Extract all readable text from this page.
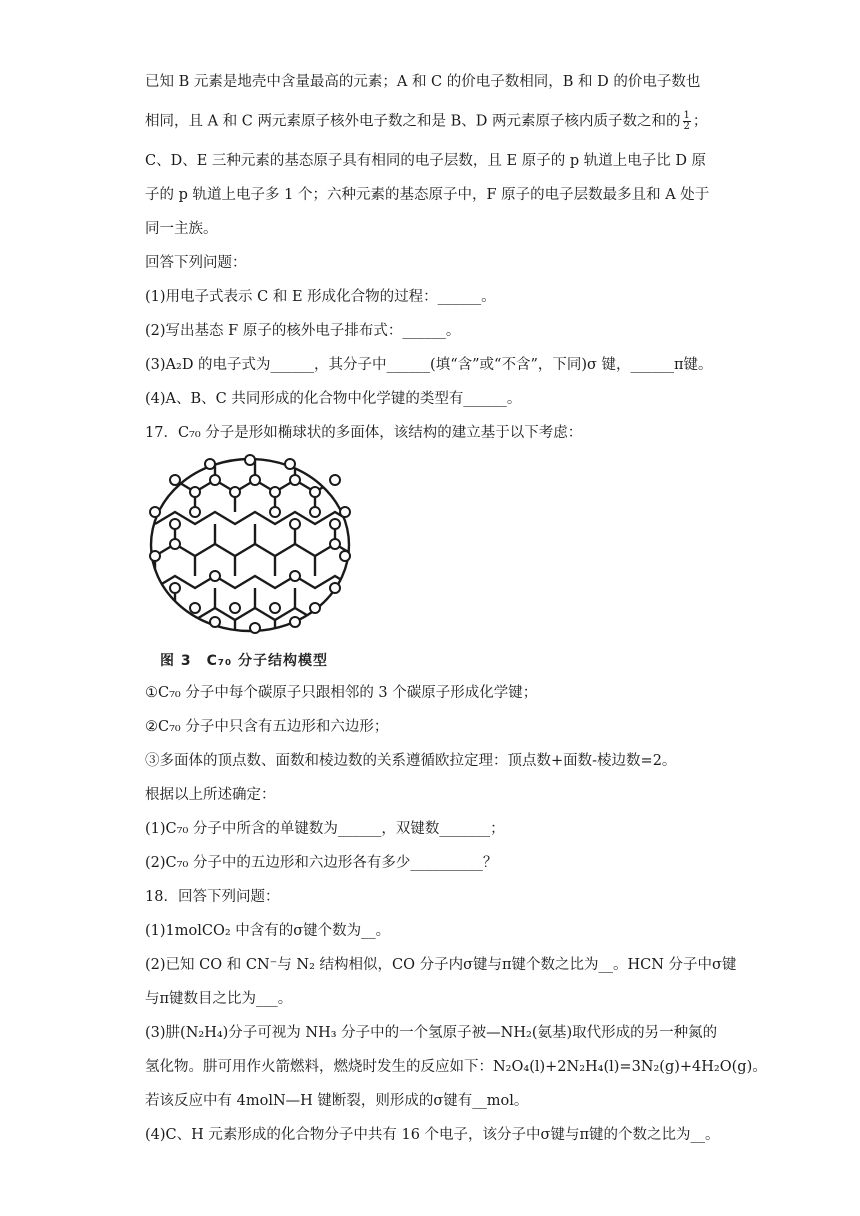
已知 B 元素是地壳中含量最高的元素；A 和 C 的价电子数相同，B 和 D 的价电子数也
相同，且 A 和 C 两元素原子核外电子数之和是 B、D 两元素原子核内质子数之和的 $\frac{1}{2}$ ；
C、D、E 三种元素的基态原子具有相同的电子层数，且 E 原子的 p 轨道上电子比 D 原
子的 p 轨道上电子多 1 个；六种元素的基态原子中，F 原子的电子层数最多且和 A 处于
同一主族。
回答下列问题：
(1)用电子式表示 C 和 E 形成化合物的过程：______。
(2)写出基态 F 原子的核外电子排布式：______。
(3)A₂D 的电子式为______，其分子中______(填“含”或“不含”，下同)σ 键，______π键。
(4)A、B、C 共同形成的化合物中化学键的类型有______。
17．C₇₀ 分子是形如椭球状的多面体，该结构的建立基于以下考虑：
图 3　C₇₀ 分子结构模型
①C₇₀ 分子中每个碳原子只跟相邻的 3 个碳原子形成化学键；
②C₇₀ 分子中只含有五边形和六边形；
③多面体的顶点数、面数和棱边数的关系遵循欧拉定理：顶点数+面数-棱边数=2。
根据以上所述确定：
(1)C₇₀ 分子中所含的单键数为______，双键数_______；
(2)C₇₀ 分子中的五边形和六边形各有多少__________？
18．回答下列问题：
(1)1molCO₂ 中含有的σ键个数为__。
(2)已知 CO 和 CN⁻与 N₂ 结构相似，CO 分子内σ键与π键个数之比为__。HCN 分子中σ键
与π键数目之比为___。
(3)肼(N₂H₄)分子可视为 NH₃ 分子中的一个氢原子被—NH₂(氨基)取代形成的另一种氮的
氢化物。肼可用作火箭燃料，燃烧时发生的反应如下：N₂O₄(l)+2N₂H₄(l)=3N₂(g)+4H₂O(g)。
若该反应中有 4molN—H 键断裂，则形成的σ键有__mol。
(4)C、H 元素形成的化合物分子中共有 16 个电子，该分子中σ键与π键的个数之比为__。
